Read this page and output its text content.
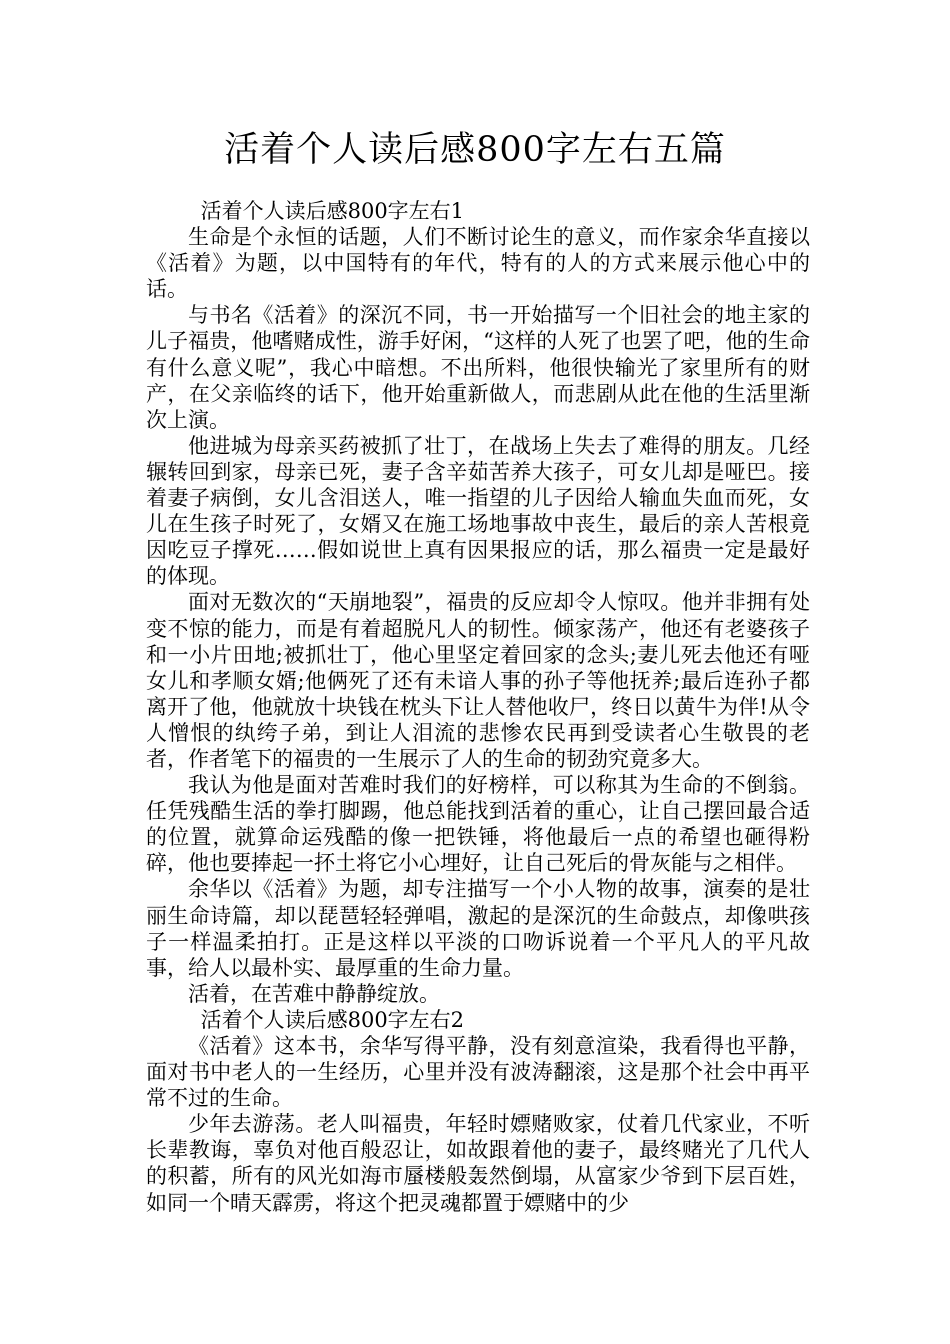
活着个人读后感800字左右五篇

活着个人读后感800字左右1

生命是个永恒的话题，人们不断讨论生的意义，而作家余华直接以《活着》为题，以中国特有的年代，特有的人的方式来展示他心中的话。

与书名《活着》的深沉不同，书一开始描写一个旧社会的地主家的儿子福贵，他嗜赌成性，游手好闲，“这样的人死了也罢了吧，他的生命有什么意义呢”，我心中暗想。不出所料，他很快输光了家里所有的财产，在父亲临终的话下，他开始重新做人，而悲剧从此在他的生活里渐次上演。

他进城为母亲买药被抓了壮丁，在战场上失去了难得的朋友。几经辗转回到家，母亲已死，妻子含辛茹苦养大孩子，可女儿却是哑巴。接着妻子病倒，女儿含泪送人，唯一指望的儿子因给人输血失血而死，女儿在生孩子时死了，女婿又在施工场地事故中丧生，最后的亲人苦根竟因吃豆子撑死……假如说世上真有因果报应的话，那么福贵一定是最好的体现。

面对无数次的“天崩地裂”，福贵的反应却令人惊叹。他并非拥有处变不惊的能力，而是有着超脱凡人的韧性。倾家荡产，他还有老婆孩子和一小片田地;被抓壮丁，他心里坚定着回家的念头;妻儿死去他还有哑女儿和孝顺女婿;他俩死了还有未谙人事的孙子等他抚养;最后连孙子都离开了他，他就放十块钱在枕头下让人替他收尸，终日以黄牛为伴!从令人憎恨的纨绔子弟，到让人泪流的悲惨农民再到受读者心生敬畏的老者，作者笔下的福贵的一生展示了人的生命的韧劲究竟多大。

我认为他是面对苦难时我们的好榜样，可以称其为生命的不倒翁。任凭残酷生活的拳打脚踢，他总能找到活着的重心，让自己摆回最合适的位置，就算命运残酷的像一把铁锤，将他最后一点的希望也砸得粉碎，他也要捧起一抔土将它小心埋好，让自己死后的骨灰能与之相伴。

余华以《活着》为题，却专注描写一个小人物的故事，演奏的是壮丽生命诗篇，却以琵琶轻轻弹唱，激起的是深沉的生命鼓点，却像哄孩子一样温柔拍打。正是这样以平淡的口吻诉说着一个平凡人的平凡故事，给人以最朴实、最厚重的生命力量。

活着，在苦难中静静绽放。

活着个人读后感800字左右2

《活着》这本书，余华写得平静，没有刻意渲染，我看得也平静，面对书中老人的一生经历，心里并没有波涛翻滚，这是那个社会中再平常不过的生命。

少年去游荡。老人叫福贵，年轻时嫖赌败家，仗着几代家业，不听长辈教诲，辜负对他百般忍让，如故跟着他的妻子，最终赌光了几代人的积蓄，所有的风光如海市蜃楼般轰然倒塌，从富家少爷到下层百姓，如同一个晴天霹雳，将这个把灵魂都置于嫖赌中的少
